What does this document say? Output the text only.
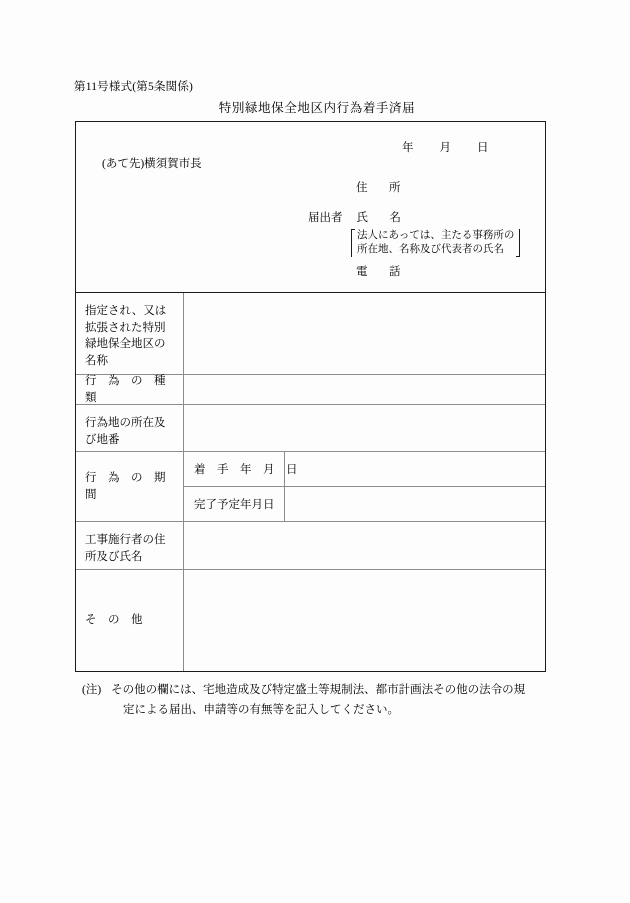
第11号様式(第5条関係)
特別緑地保全地区内行為着手済届
年 月 日
(あて先)横須賀市長
住　所
届出者 氏　名
法人にあっては、主たる事務所の
所在地、名称及び代表者の氏名
電　話
指定され、又は
拡張された特別
緑地保全地区の
名称
行　為　の　種　類
行為地の所在及
び地番
行　為　の　期　間
着　手　年　月　日
完了予定年月日
工事施行者の住
所及び氏名
そ　の　他
(注) その他の欄には、宅地造成及び特定盛土等規制法、都市計画法その他の法令の規
定による届出、申請等の有無等を記入してください。
